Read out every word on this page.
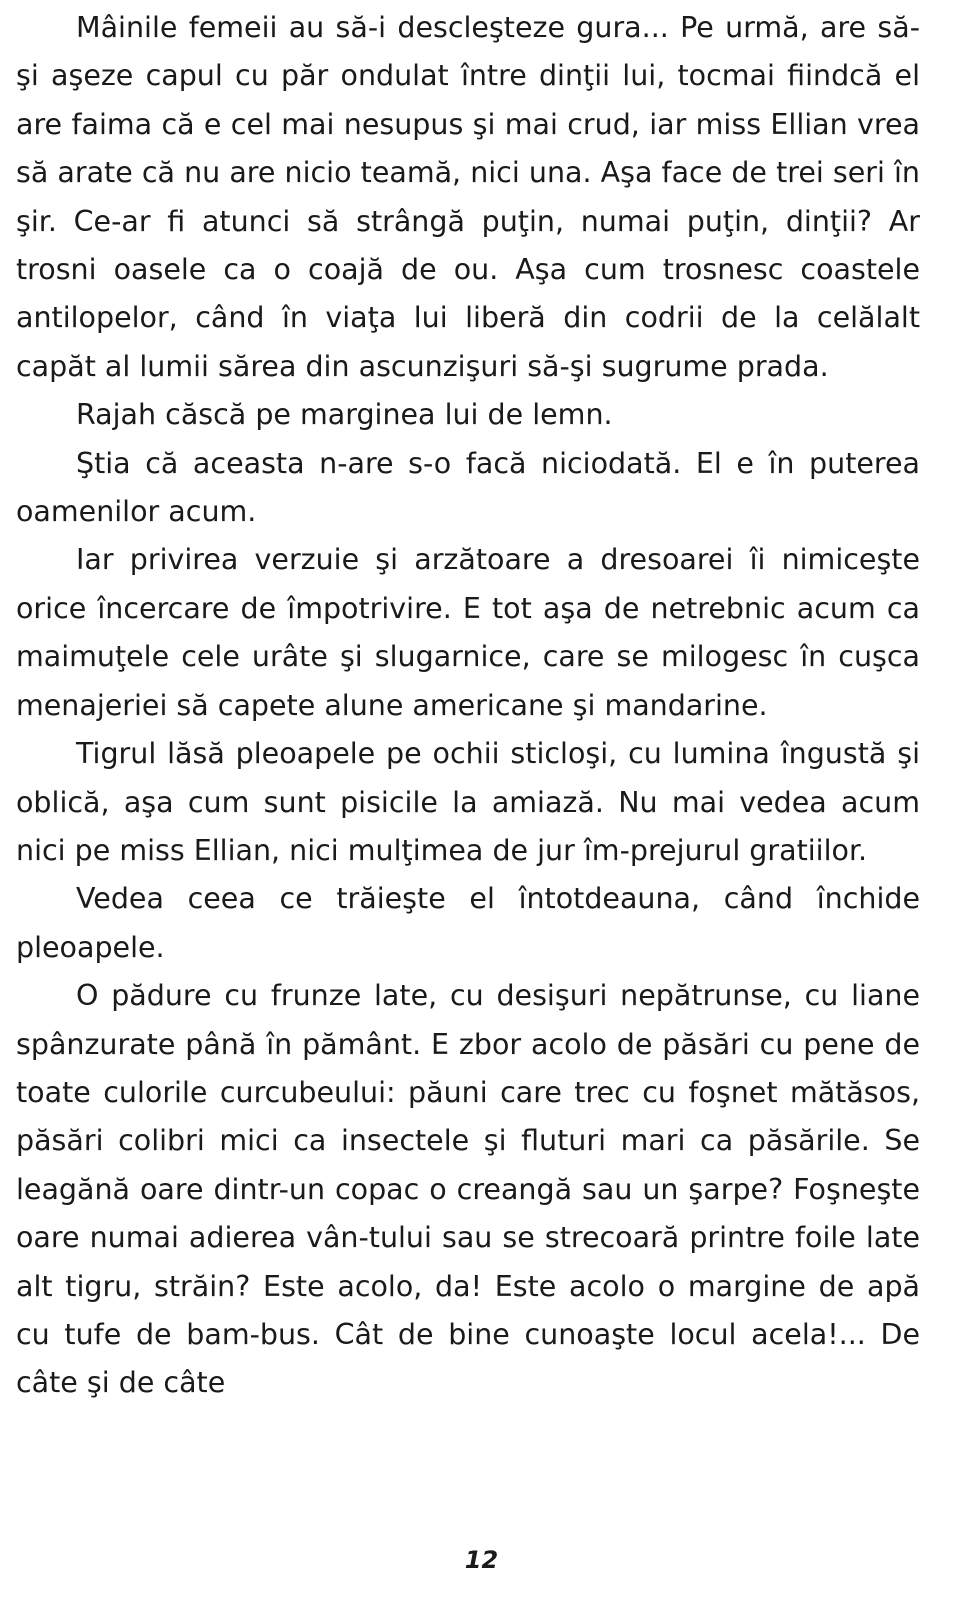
Mâinile femeii au să-i descleşteze gura... Pe urmă, are să-şi aşeze capul cu păr ondulat între dinţii lui, tocmai fiindcă el are faima că e cel mai nesupus şi mai crud, iar miss Ellian vrea să arate că nu are nicio teamă, nici una. Aşa face de trei seri în şir. Ce-ar fi atunci să strângă puţin, numai puţin, dinţii? Ar trosni oasele ca o coajă de ou. Aşa cum trosnesc coastele antilopelor, când în viaţa lui liberă din codrii de la celălalt capăt al lumii sărea din ascunzişuri să-şi sugrume prada.

Rajah căscă pe marginea lui de lemn.

Ştia că aceasta n-are s-o facă niciodată. El e în puterea oamenilor acum.

Iar privirea verzuie şi arzătoare a dresoarei îi nimiceşte orice încercare de împotrivire. E tot aşa de netrebnic acum ca maimuţele cele urâte şi slugarnice, care se milogesc în cuşca menajeriei să capete alune americane şi mandarine.

Tigrul lăsă pleoapele pe ochii sticloşi, cu lumina îngustă şi oblică, aşa cum sunt pisicile la amiază. Nu mai vedea acum nici pe miss Ellian, nici mulţimea de jur îm-prejurul gratiilor.

Vedea ceea ce trăieşte el întotdeauna, când închide pleoapele.

O pădure cu frunze late, cu desişuri nepătrunse, cu liane spânzurate până în pământ. E zbor acolo de păsări cu pene de toate culorile curcubeului: păuni care trec cu foşnet mătăsos, păsări colibri mici ca insectele şi fluturi mari ca păsările. Se leagănă oare dintr-un copac o creangă sau un şarpe? Foşneşte oare numai adierea vân-tului sau se strecoară printre foile late alt tigru, străin? Este acolo, da! Este acolo o margine de apă cu tufe de bam-bus. Cât de bine cunoaşte locul acela!... De câte şi de câte

12
